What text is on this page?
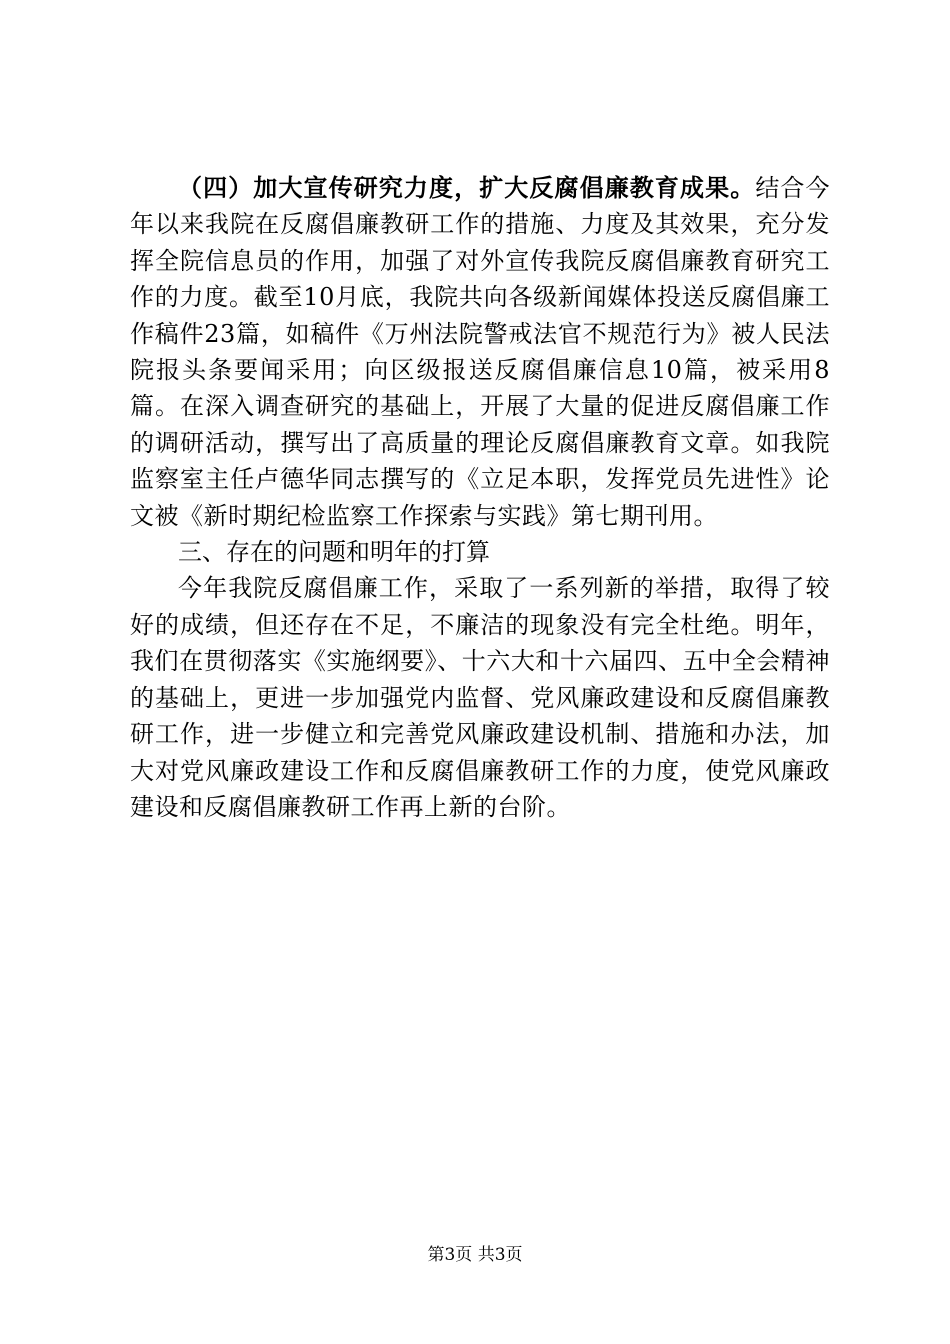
（四）加大宣传研究力度，扩大反腐倡廉教育成果。结合今年以来我院在反腐倡廉教研工作的措施、力度及其效果，充分发挥全院信息员的作用，加强了对外宣传我院反腐倡廉教育研究工作的力度。截至10月底，我院共向各级新闻媒体投送反腐倡廉工作稿件23篇，如稿件《万州法院警戒法官不规范行为》被人民法院报头条要闻采用；向区级报送反腐倡廉信息10篇，被采用8篇。在深入调查研究的基础上，开展了大量的促进反腐倡廉工作的调研活动，撰写出了高质量的理论反腐倡廉教育文章。如我院监察室主任卢德华同志撰写的《立足本职，发挥党员先进性》论文被《新时期纪检监察工作探索与实践》第七期刊用。

三、存在的问题和明年的打算

今年我院反腐倡廉工作，采取了一系列新的举措，取得了较好的成绩，但还存在不足，不廉洁的现象没有完全杜绝。明年，我们在贯彻落实《实施纲要》、十六大和十六届四、五中全会精神的基础上，更进一步加强党内监督、党风廉政建设和反腐倡廉教研工作，进一步健立和完善党风廉政建设机制、措施和办法，加大对党风廉政建设工作和反腐倡廉教研工作的力度，使党风廉政建设和反腐倡廉教研工作再上新的台阶。

第3页 共3页
